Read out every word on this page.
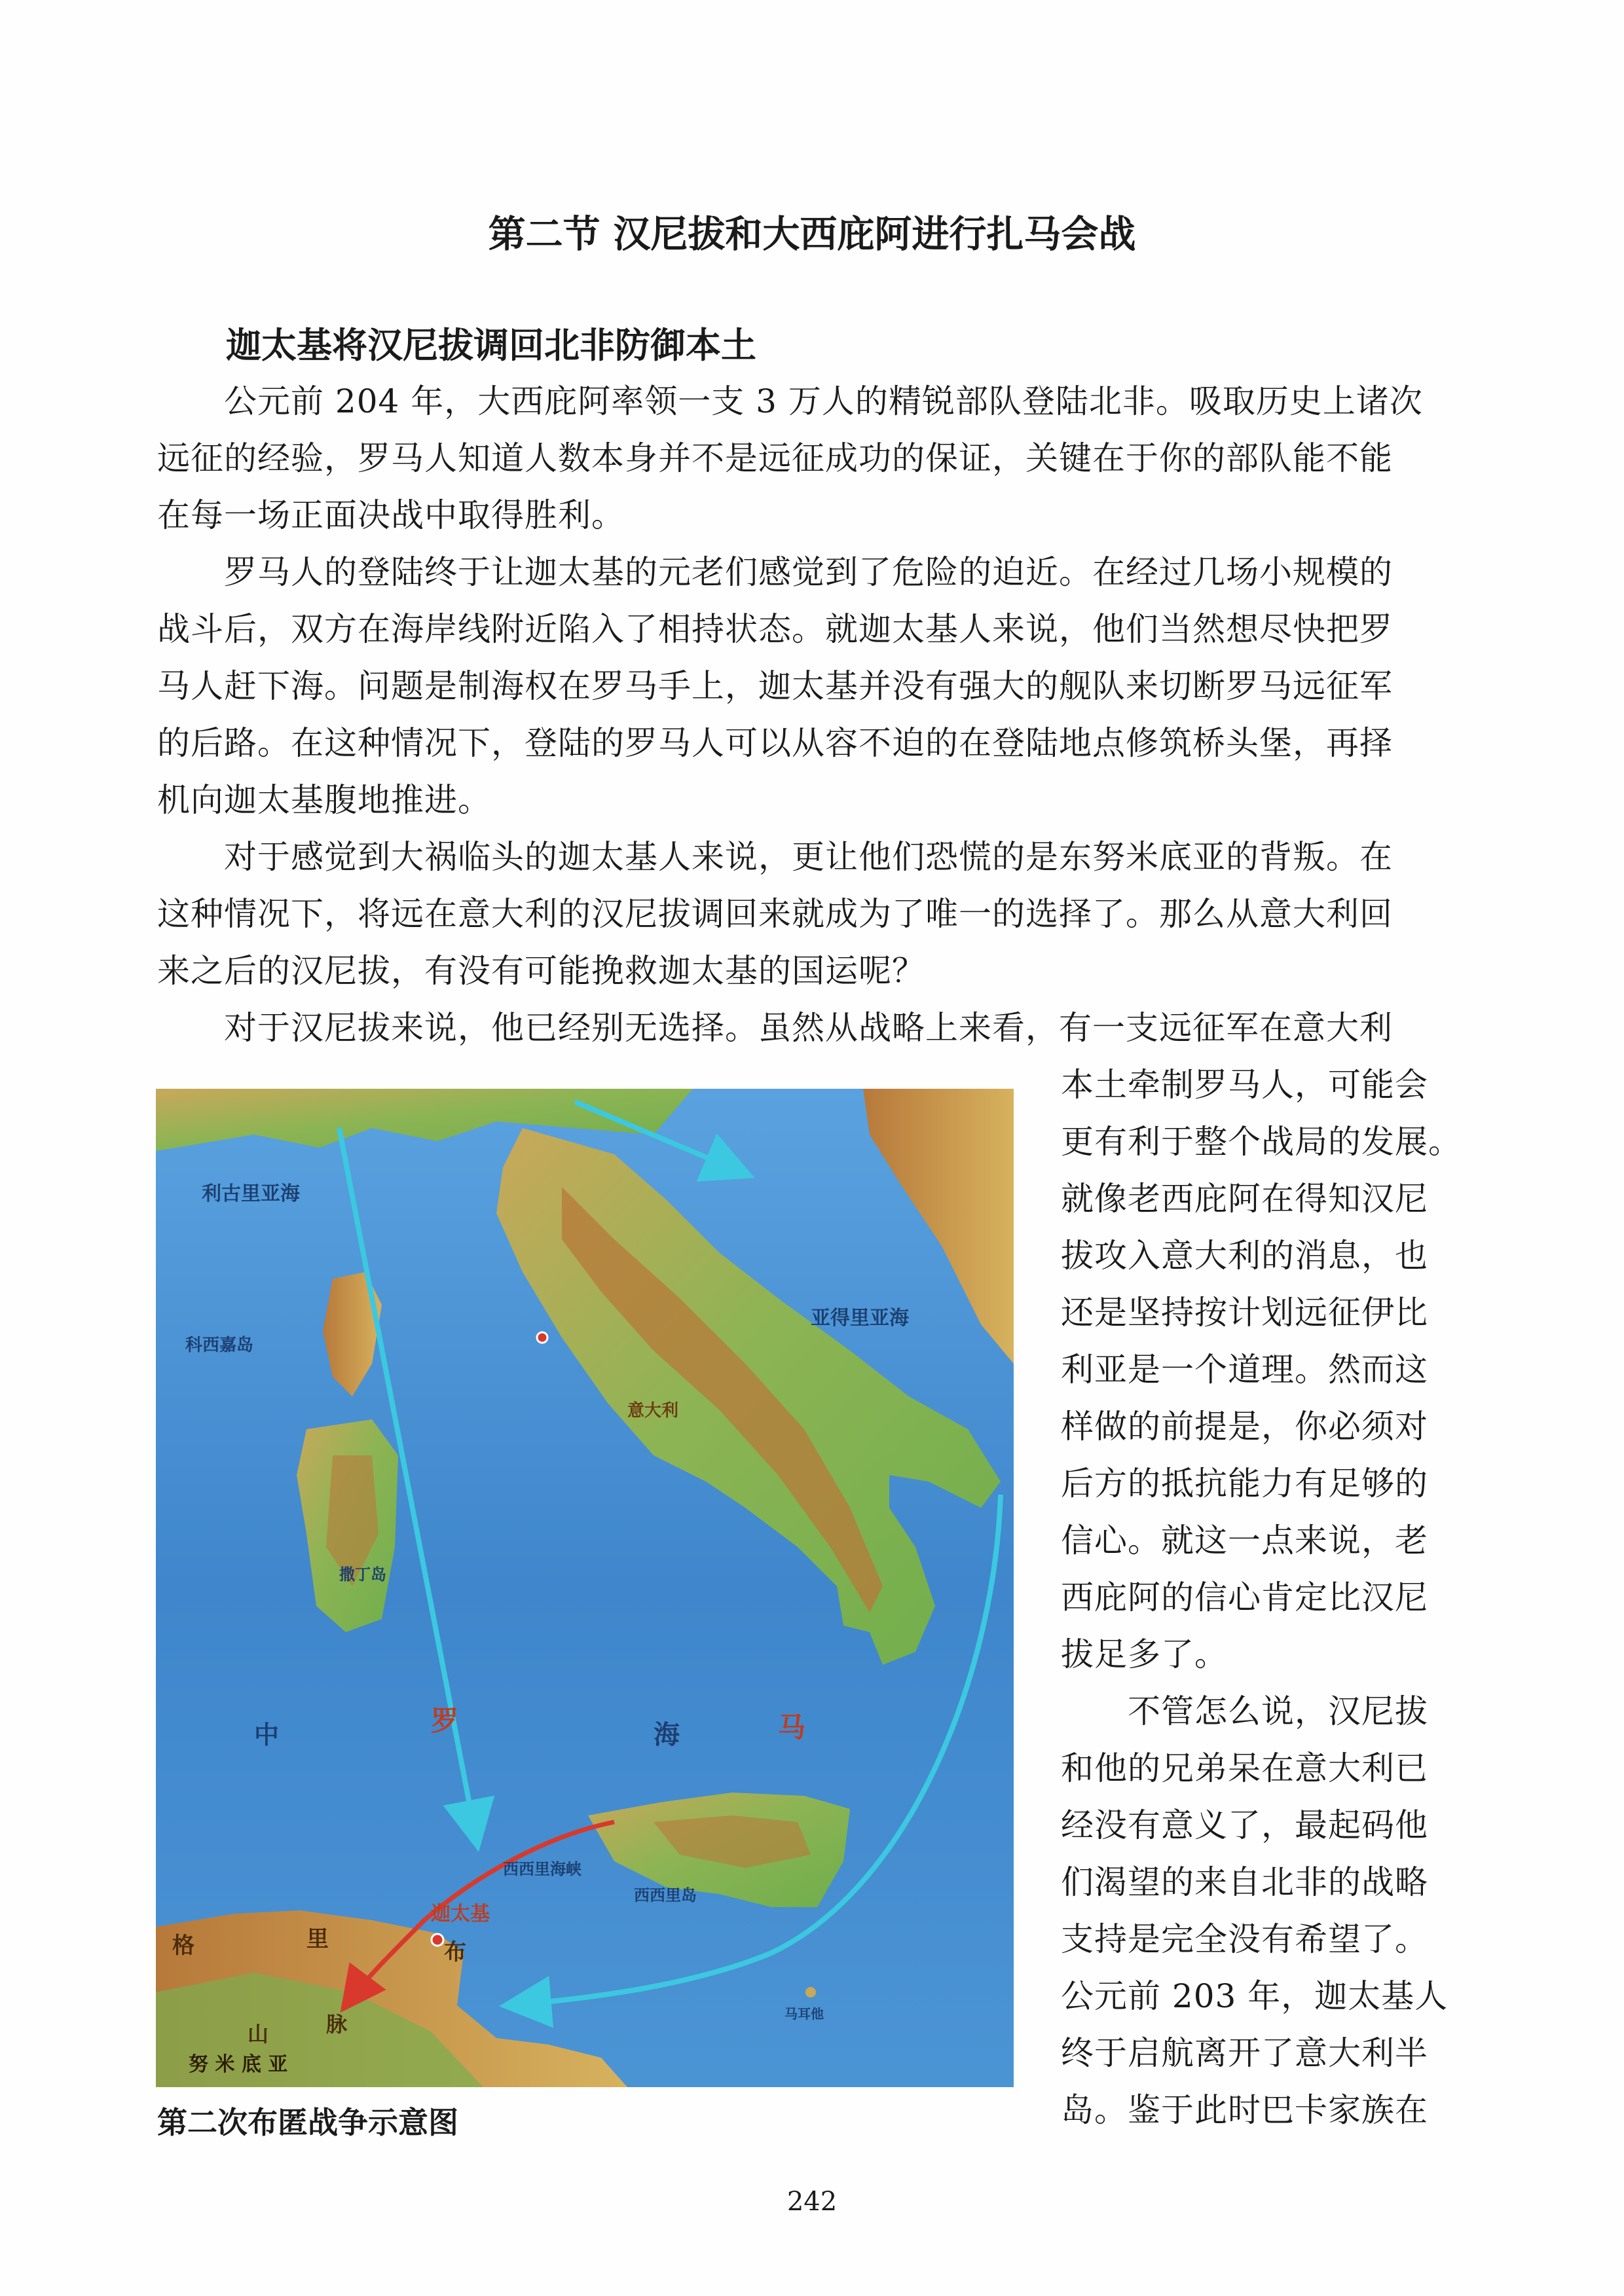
第二节 汉尼拔和大西庇阿进行扎马会战
迦太基将汉尼拔调回北非防御本土
　　公元前 204 年，大西庇阿率领一支 3 万人的精锐部队登陆北非。吸取历史上诸次
远征的经验，罗马人知道人数本身并不是远征成功的保证，关键在于你的部队能不能
在每一场正面决战中取得胜利。
　　罗马人的登陆终于让迦太基的元老们感觉到了危险的迫近。在经过几场小规模的
战斗后，双方在海岸线附近陷入了相持状态。就迦太基人来说，他们当然想尽快把罗
马人赶下海。问题是制海权在罗马手上，迦太基并没有强大的舰队来切断罗马远征军
的后路。在这种情况下，登陆的罗马人可以从容不迫的在登陆地点修筑桥头堡，再择
机向迦太基腹地推进。
　　对于感觉到大祸临头的迦太基人来说，更让他们恐慌的是东努米底亚的背叛。在
这种情况下，将远在意大利的汉尼拔调回来就成为了唯一的选择了。那么从意大利回
来之后的汉尼拔，有没有可能挽救迦太基的国运呢？
　　对于汉尼拔来说，他已经别无选择。虽然从战略上来看，有一支远征军在意大利
本土牵制罗马人，可能会
更有利于整个战局的发展。
就像老西庇阿在得知汉尼
拔攻入意大利的消息，也
还是坚持按计划远征伊比
利亚是一个道理。然而这
样做的前提是，你必须对
后方的抵抗能力有足够的
信心。就这一点来说，老
西庇阿的信心肯定比汉尼
拔足多了。
　　不管怎么说，汉尼拔
和他的兄弟呆在意大利已
经没有意义了，最起码他
们渴望的来自北非的战略
支持是完全没有希望了。
公元前 203 年，迦太基人
终于启航离开了意大利半
岛。鉴于此时巴卡家族在
利古里亚海
科西嘉岛
撒丁岛
亚得里亚海
意大利
中	罗	海	马
西西里海峡
西西里岛
迦太基
格	里	布
山	脉
努 米 底 亚
马耳他
第二次布匿战争示意图
242
